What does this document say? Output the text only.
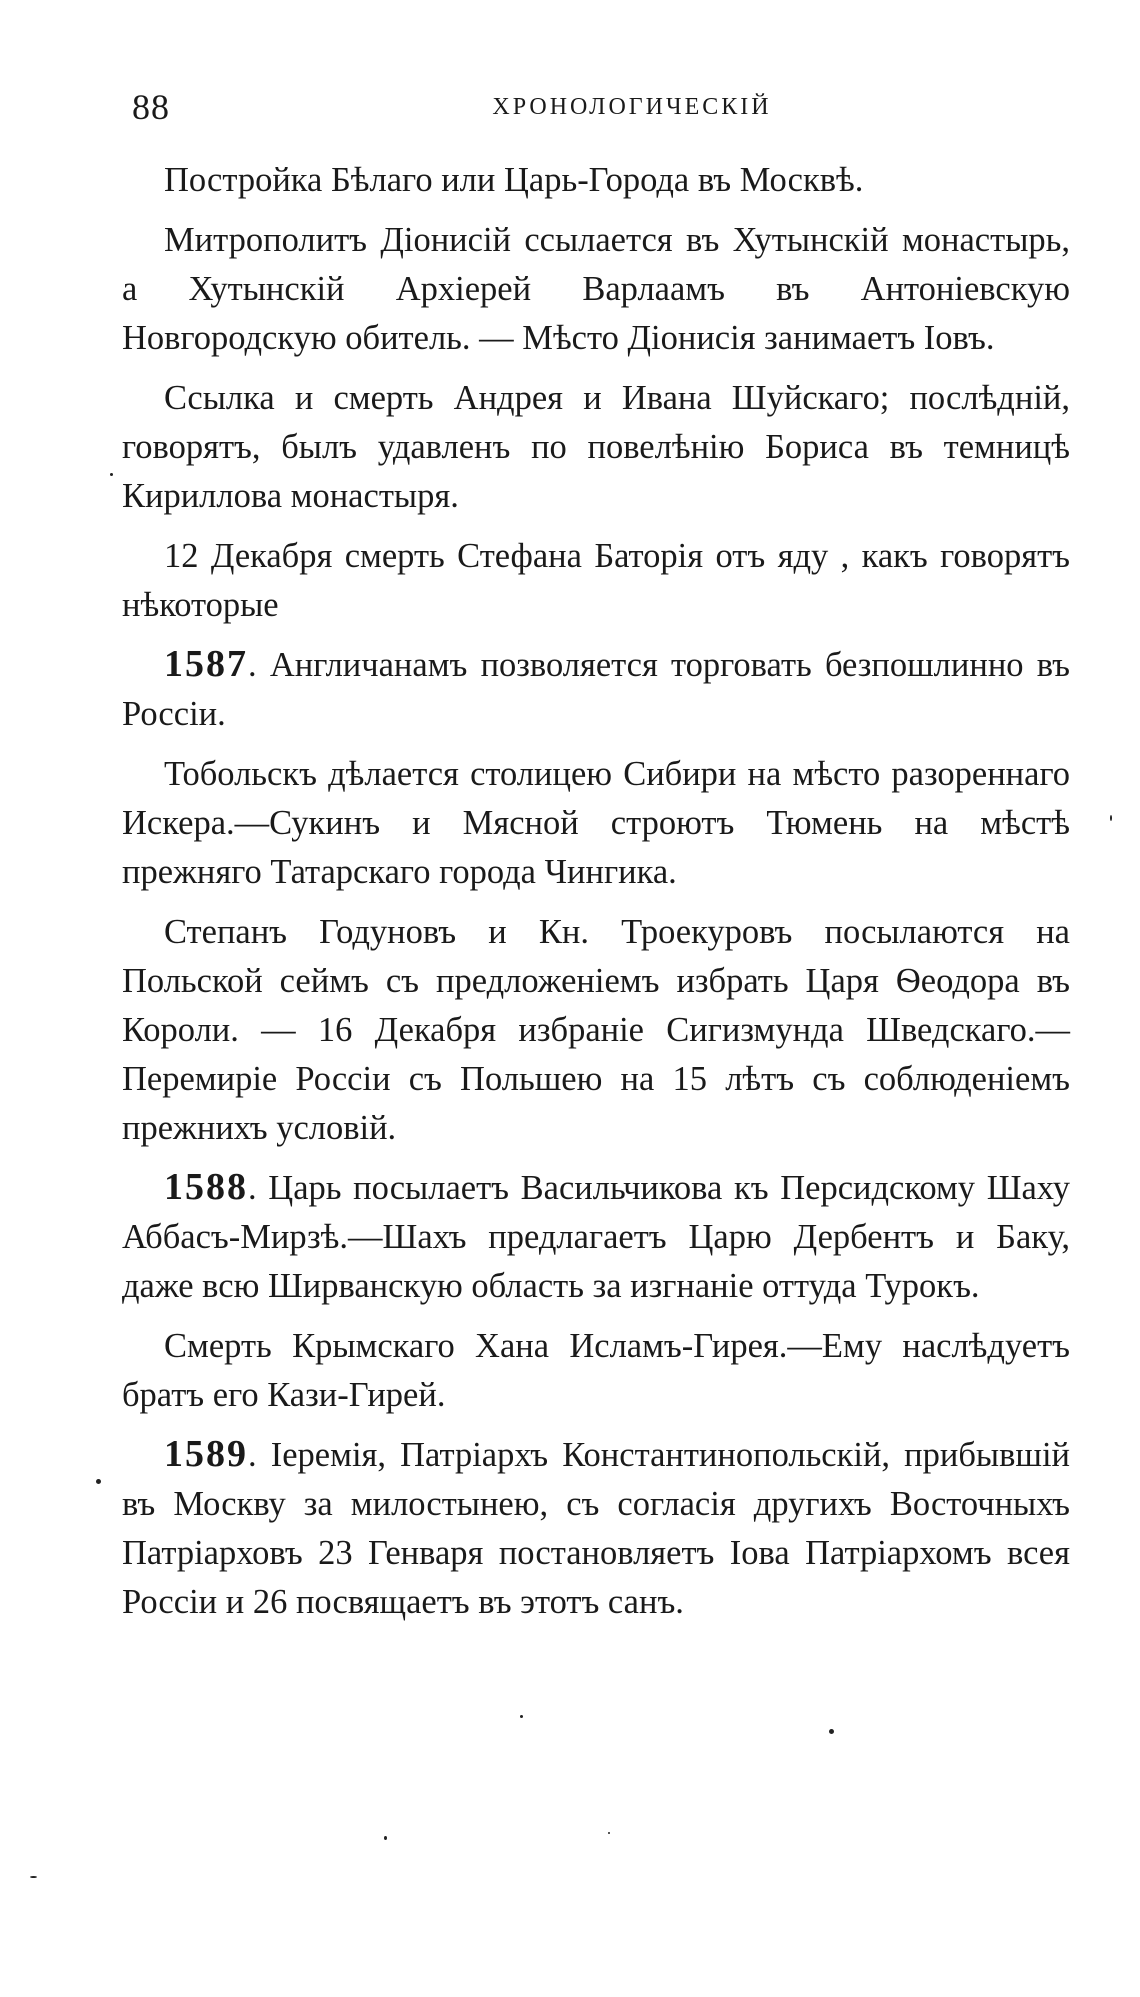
88	ХРОНОЛОГИЧЕСКІЙ

Постройка Бѣлаго или Царь-Города въ Москвѣ.

Митрополитъ Діонисій ссылается въ Хутынскій монастырь, а Хутынскій Архіерей Варлаамъ въ Антоніевскую Новгородскую обитель. — Мѣсто Діонисія занимаетъ Іовъ.

Ссылка и смерть Андрея и Ивана Шуйскаго; послѣдній, говорятъ, былъ удавленъ по повелѣнію Бориса въ темницѣ Кириллова монастыря.

12 Декабря смерть Стефана Баторія отъ яду , какъ говорятъ нѣкоторые

1587. Англичанамъ позволяется торговать безпошлинно въ Россіи.

Тобольскъ дѣлается столицею Сибири на мѣсто разореннаго Искера.—Сукинъ и Мясной строютъ Тюмень на мѣстѣ прежняго Татарскаго города Чингика.

Степанъ Годуновъ и Кн. Троекуровъ посылаются на Польской сеймъ съ предложеніемъ избрать Царя Ѳеодора въ Короли. — 16 Декабря избраніе Сигизмунда Шведскаго.—Перемиріе Россіи съ Польшею на 15 лѣтъ съ соблюденіемъ прежнихъ условій.

1588. Царь посылаетъ Васильчикова къ Персидскому Шаху Аббасъ-Мирзѣ.—Шахъ предлагаетъ Царю Дербентъ и Баку, даже всю Ширванскую область за изгнаніе оттуда Турокъ.

Смерть Крымскаго Хана Исламъ-Гирея.—Ему наслѣдуетъ братъ его Кази-Гирей.

1589. Іеремія, Патріархъ Константинопольскій, прибывшій въ Москву за милостынею, съ согласія другихъ Восточныхъ Патріарховъ 23 Генваря постановляетъ Іова Патріархомъ всея Россіи и 26 посвящаетъ въ этотъ санъ.
